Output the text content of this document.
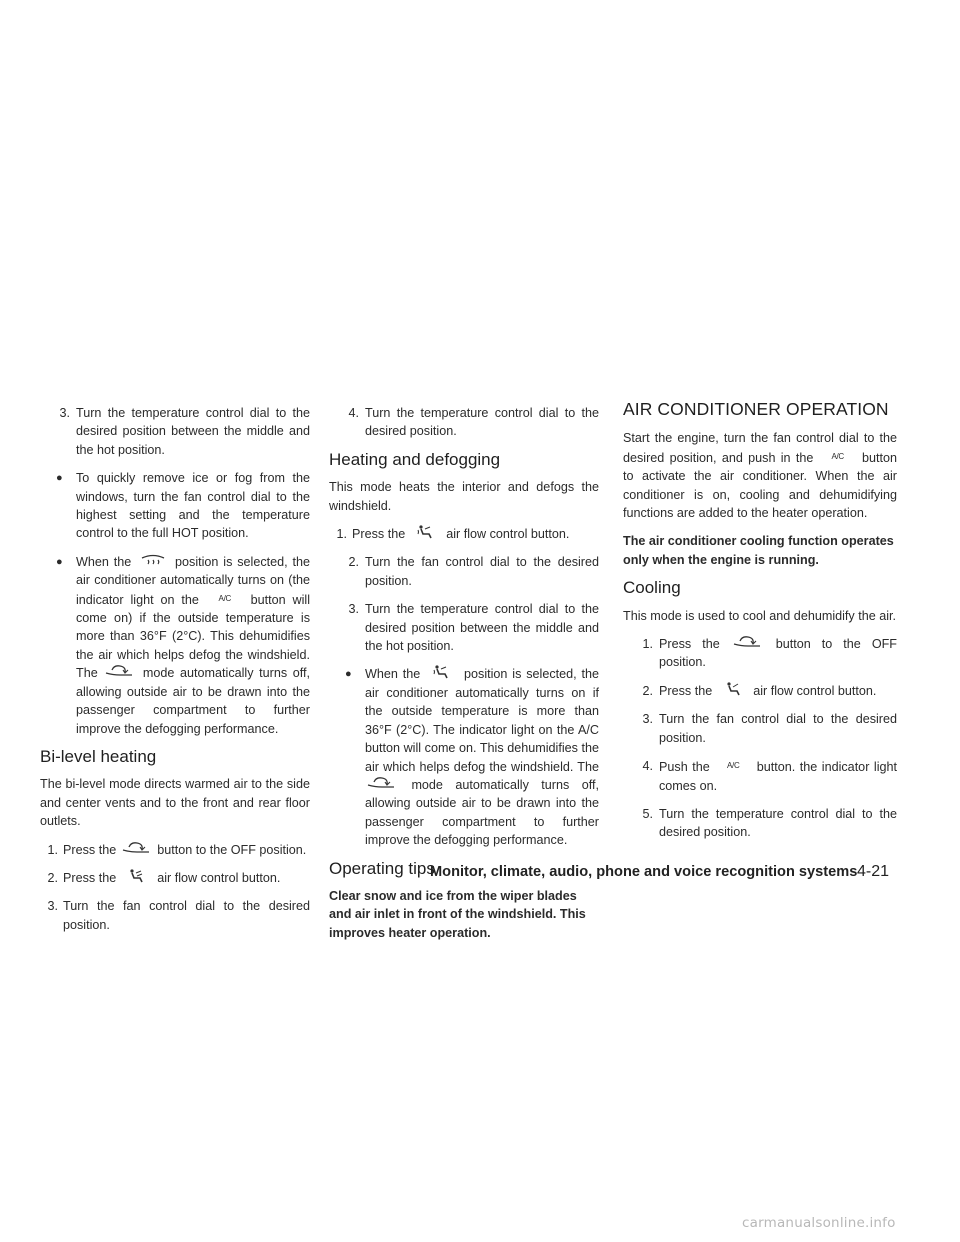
3. Turn the temperature control dial to the desired position between the middle and the hot position.
● To quickly remove ice or fog from the windows, turn the fan control dial to the highest setting and the temperature control to the full HOT position.
● When the	position is selected, the air conditioner automatically turns on (the indicator light on the A/C button will come on) if the outside temperature is more than 36°F (2°C). This dehumidifies the air which helps defog the windshield. The	mode automatically turns off, allowing outside air to be drawn into the passenger compartment to further improve the defogging performance.
Bi-level heating

The bi-level mode directs warmed air to the side and center vents and to the front and rear floor outlets.

1. Press the	button to the OFF position.
2. Press the	air flow control button.
3. Turn the fan control dial to the desired position.
4. Turn the temperature control dial to the desired position.
Heating and defogging

This mode heats the interior and defogs the windshield.

1. Press the	air flow control button.
2. Turn the fan control dial to the desired position.
3. Turn the temperature control dial to the desired position between the middle and the hot position.
● When the	position is selected, the air conditioner automatically turns on if the outside temperature is more than 36°F (2°C). The indicator light on the A/C button will come on. This dehumidifies the air which helps defog the windshield. The
mode automatically turns off, allowing outside air to be drawn into the passenger compartment to further improve the defogging performance.
Operating tips

Clear snow and ice from the wiper blades and air inlet in front of the windshield. This improves heater operation.

AIR CONDITIONER OPERATION

Start the engine, turn the fan control dial to the desired position, and push in the A/C button to activate the air conditioner. When the air conditioner is on, cooling and dehumidifying functions are added to the heater operation.

The air conditioner cooling function operates only when the engine is running.

Cooling

This mode is used to cool and dehumidify the air.

1. Press the	button to the OFF position.
2. Press the	air flow control button.
3. Turn the fan control dial to the desired position.
4. Push the A/C button. the indicator light comes on.
5. Turn the temperature control dial to the desired position.
Monitor, climate, audio, phone and voice recognition systems 4-21
carmanualsonline.info
